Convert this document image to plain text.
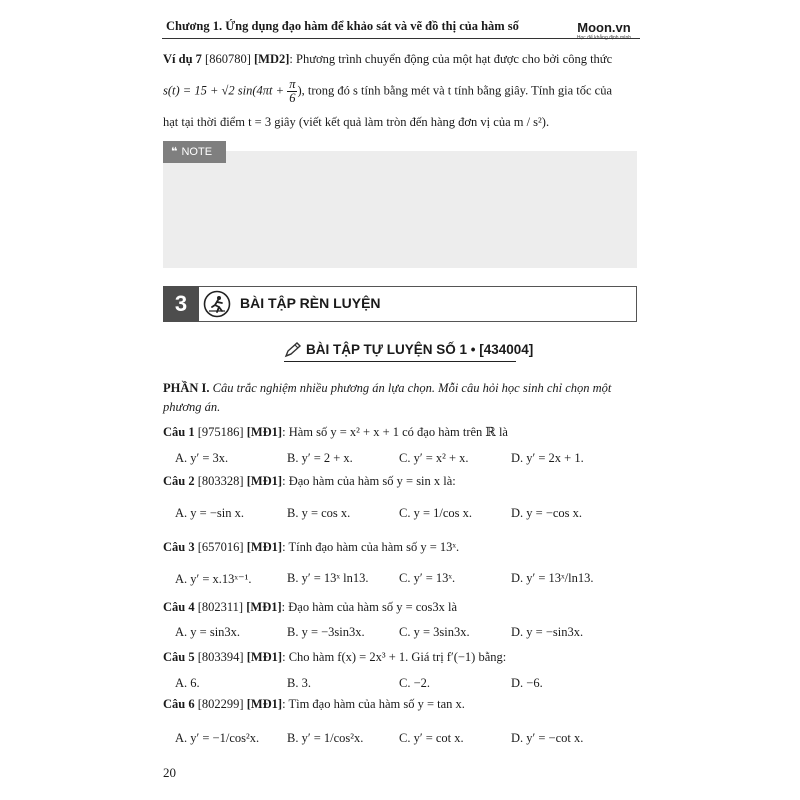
Chương 1. Ứng dụng đạo hàm để khảo sát và vẽ đồ thị của hàm số	Moon.vn
Học để khẳng định mình
Ví dụ 7 [860780] [MD2]: Phương trình chuyển động của một hạt được cho bởi công thức
s(t) = 15 + √2 $\sin(4\pi t + \frac{\pi}{6}$ ), trong đó s tính bằng mét và t tính bằng giây. Tính gia tốc của
hạt tại thời điểm t = 3 giây (viết kết quả làm tròn đến hàng đơn vị của m / s²).
❝ NOTE
3	BÀI TẬP RÈN LUYỆN
BÀI TẬP TỰ LUYỆN SỐ 1 • [434004]
PHẦN I. Câu trắc nghiệm nhiều phương án lựa chọn. Mỗi câu hỏi học sinh chỉ chọn một
phương án.
Câu 1 [975186] [MĐ1]: Hàm số y = x² + x + 1 có đạo hàm trên ℝ là
A. y′ = 3x.	B. y′ = 2 + x.	C. y′ = x² + x.	D. y′ = 2x + 1.
Câu 2 [803328] [MĐ1]: Đạo hàm của hàm số y = sin x là:
A. y = −sin x.	B. y = cos x.	C. y = 1/cos x.	D. y = −cos x.
Câu 3 [657016] [MĐ1]: Tính đạo hàm của hàm số y = 13ˣ.
A. y′ = x.13ˣ⁻¹.	B. y′ = 13ˣ ln13. C. y′ = 13ˣ.	D. y′ = 13ˣ/ln13.
Câu 4 [802311] [MĐ1]: Đạo hàm của hàm số y = cos3x là
A. y = sin3x.	B. y = −3sin3x.	C. y = 3sin3x.	D. y = −sin3x.
Câu 5 [803394] [MĐ1]: Cho hàm f(x) = 2x³ + 1. Giá trị f′(−1) bằng:
A. 6.	B. 3.	C. −2.	D. −6.
Câu 6 [802299] [MĐ1]: Tìm đạo hàm của hàm số y = tan x.
A. y′ = −1/cos²x. B. y′ = 1/cos²x.	C. y′ = cot x.	D. y′ = −cot x.
20
